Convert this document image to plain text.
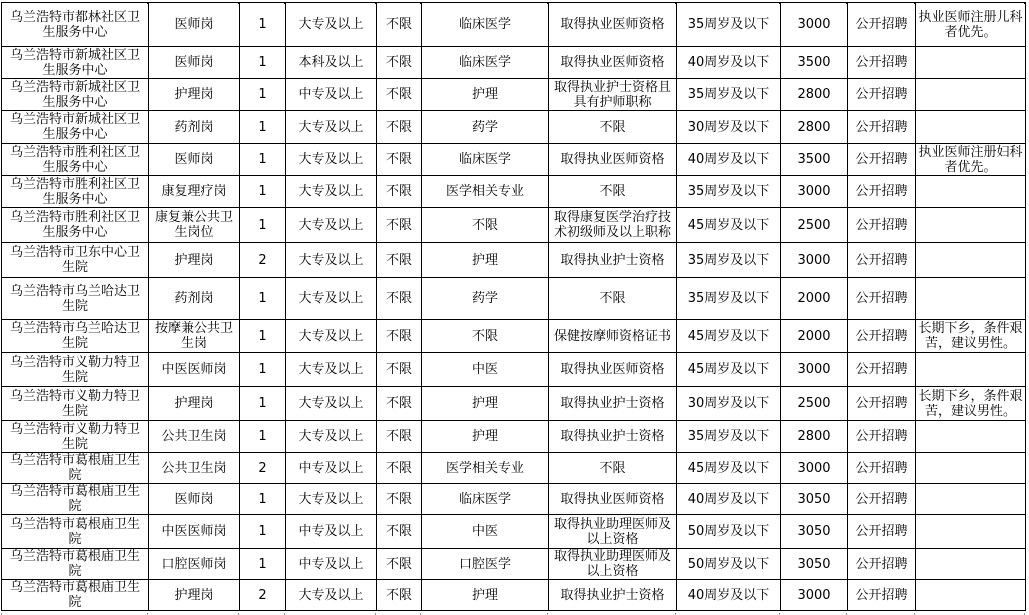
乌兰浩特市都林社区卫生服务中心	医师岗	1	大专及以上	不限	临床医学	取得执业医师资格	35周岁及以下	3000	公开招聘	执业医师注册儿科者优先。
乌兰浩特市新城社区卫生服务中心	医师岗	1	本科及以上	不限	临床医学	取得执业医师资格	40周岁及以下	3500	公开招聘	
乌兰浩特市新城社区卫生服务中心	护理岗	1	中专及以上	不限	护理	取得执业护士资格且具有护师职称	35周岁及以下	2800	公开招聘	
乌兰浩特市新城社区卫生服务中心	药剂岗	1	大专及以上	不限	药学	不限	30周岁及以下	2800	公开招聘	
乌兰浩特市胜利社区卫生服务中心	医师岗	1	大专及以上	不限	临床医学	取得执业医师资格	40周岁及以下	3500	公开招聘	执业医师注册妇科者优先。
乌兰浩特市胜利社区卫生服务中心	康复理疗岗	1	大专及以上	不限	医学相关专业	不限	35周岁及以下	3000	公开招聘	
乌兰浩特市胜利社区卫生服务中心	康复兼公共卫生岗位	1	大专及以上	不限	不限	取得康复医学治疗技术初级师及以上职称	45周岁及以下	2500	公开招聘	
乌兰浩特市卫东中心卫生院	护理岗	2	大专及以上	不限	护理	取得执业护士资格	35周岁及以下	3000	公开招聘	
乌兰浩特市乌兰哈达卫生院	药剂岗	1	大专及以上	不限	药学	不限	35周岁及以下	2000	公开招聘	
乌兰浩特市乌兰哈达卫生院	按摩兼公共卫生岗	1	大专及以上	不限	不限	保健按摩师资格证书	45周岁及以下	2000	公开招聘	长期下乡，条件艰苦，建议男性。
乌兰浩特市义勒力特卫生院	中医医师岗	1	大专及以上	不限	中医	取得执业医师资格	45周岁及以下	3000	公开招聘	
乌兰浩特市义勒力特卫生院	护理岗	1	大专及以上	不限	护理	取得执业护士资格	30周岁及以下	2500	公开招聘	长期下乡，条件艰苦，建议男性。
乌兰浩特市义勒力特卫生院	公共卫生岗	1	大专及以上	不限	护理	取得执业护士资格	35周岁及以下	2800	公开招聘	
乌兰浩特市葛根庙卫生院	公共卫生岗	2	中专及以上	不限	医学相关专业	不限	45周岁及以下	3000	公开招聘	
乌兰浩特市葛根庙卫生院	医师岗	1	大专及以上	不限	临床医学	取得执业医师资格	40周岁及以下	3050	公开招聘	
乌兰浩特市葛根庙卫生院	中医医师岗	1	中专及以上	不限	中医	取得执业助理医师及以上资格	50周岁及以下	3050	公开招聘	
乌兰浩特市葛根庙卫生院	口腔医师岗	1	中专及以上	不限	口腔医学	取得执业助理医师及以上资格	50周岁及以下	3050	公开招聘	
乌兰浩特市葛根庙卫生院	护理岗	2	大专及以上	不限	护理	取得执业护士资格	40周岁及以下	3000	公开招聘	
